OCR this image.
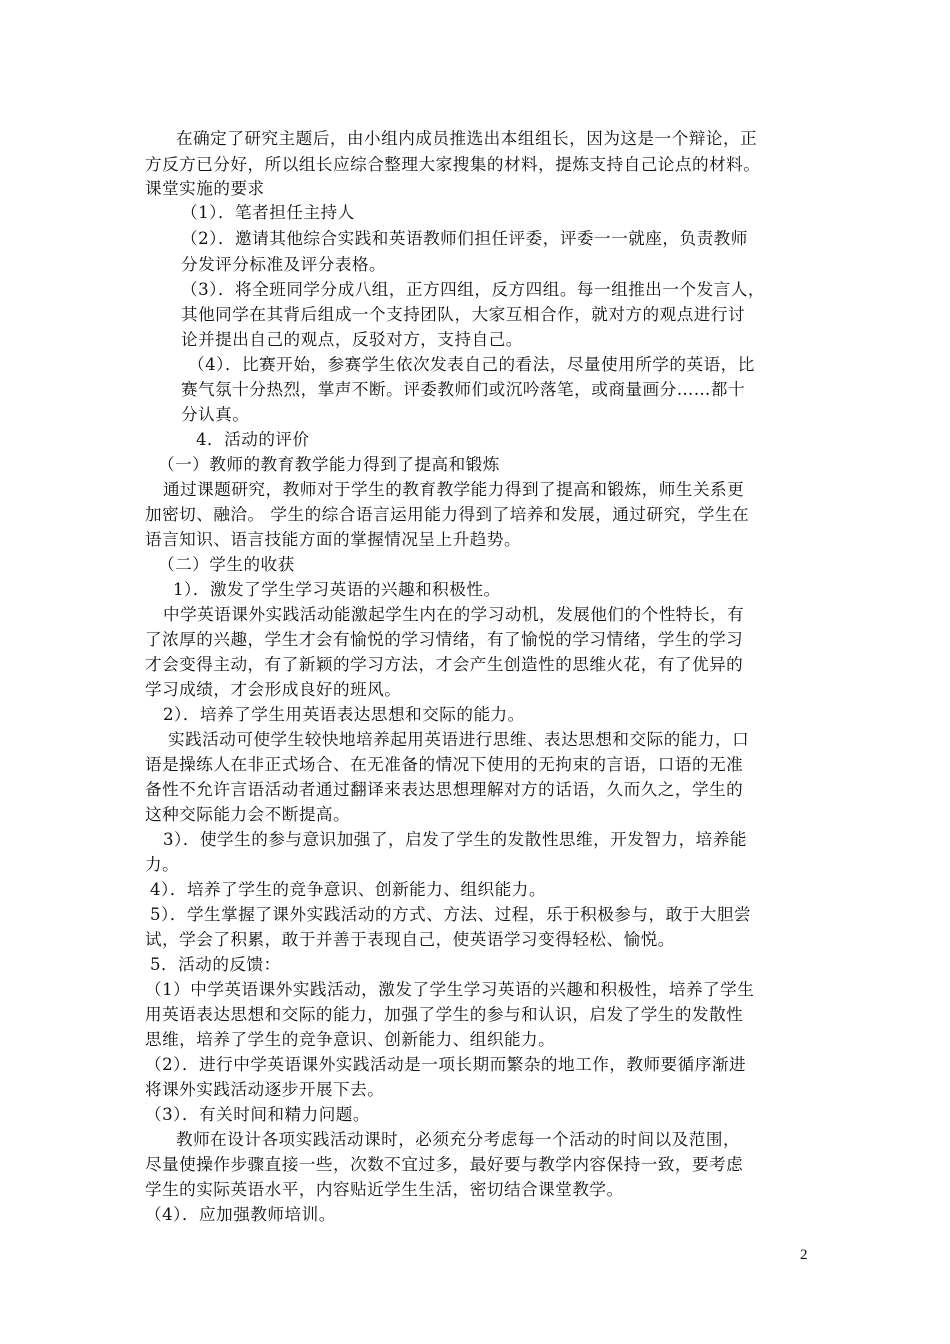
在确定了研究主题后，由小组内成员推选出本组组长，因为这是一个辩论，正

方反方已分好，所以组长应综合整理大家搜集的材料，提炼支持自己论点的材料。

课堂实施的要求

（1）．笔者担任主持人

（2）．邀请其他综合实践和英语教师们担任评委，评委一一就座，负责教师

分发评分标准及评分表格。

（3）．将全班同学分成八组，正方四组，反方四组。每一组推出一个发言人，

其他同学在其背后组成一个支持团队，大家互相合作，就对方的观点进行讨

论并提出自己的观点，反驳对方，支持自己。

（4）．比赛开始，参赛学生依次发表自己的看法，尽量使用所学的英语，比

赛气氛十分热烈，掌声不断。评委教师们或沉吟落笔，或商量画分……都十

分认真。

4．活动的评价

（一）教师的教育教学能力得到了提高和锻炼

通过课题研究，教师对于学生的教育教学能力得到了提高和锻炼，师生关系更

加密切、融洽。 学生的综合语言运用能力得到了培养和发展，通过研究，学生在

语言知识、语言技能方面的掌握情况呈上升趋势。

（二）学生的收获

1）．激发了学生学习英语的兴趣和积极性。

中学英语课外实践活动能激起学生内在的学习动机，发展他们的个性特长，有

了浓厚的兴趣，学生才会有愉悦的学习情绪，有了愉悦的学习情绪，学生的学习

才会变得主动，有了新颖的学习方法，才会产生创造性的思维火花，有了优异的

学习成绩，才会形成良好的班风。

2）．培养了学生用英语表达思想和交际的能力。

实践活动可使学生较快地培养起用英语进行思维、表达思想和交际的能力，口

语是操练人在非正式场合、在无准备的情况下使用的无拘束的言语，口语的无准

备性不允许言语活动者通过翻译来表达思想理解对方的话语，久而久之，学生的

这种交际能力会不断提高。

3）．使学生的参与意识加强了，启发了学生的发散性思维，开发智力，培养能

力。

4）．培养了学生的竞争意识、创新能力、组织能力。

5）．学生掌握了课外实践活动的方式、方法、过程，乐于积极参与，敢于大胆尝

试，学会了积累，敢于并善于表现自己，使英语学习变得轻松、愉悦。

5．活动的反馈：

（1）中学英语课外实践活动，激发了学生学习英语的兴趣和积极性，培养了学生

用英语表达思想和交际的能力，加强了学生的参与和认识，启发了学生的发散性

思维，培养了学生的竞争意识、创新能力、组织能力。

（2）．进行中学英语课外实践活动是一项长期而繁杂的地工作，教师要循序渐进

将课外实践活动逐步开展下去。

（3）．有关时间和精力问题。

教师在设计各项实践活动课时，必须充分考虑每一个活动的时间以及范围，

尽量使操作步骤直接一些，次数不宜过多，最好要与教学内容保持一致，要考虑

学生的实际英语水平，内容贴近学生生活，密切结合课堂教学。

（4）．应加强教师培训。

2
